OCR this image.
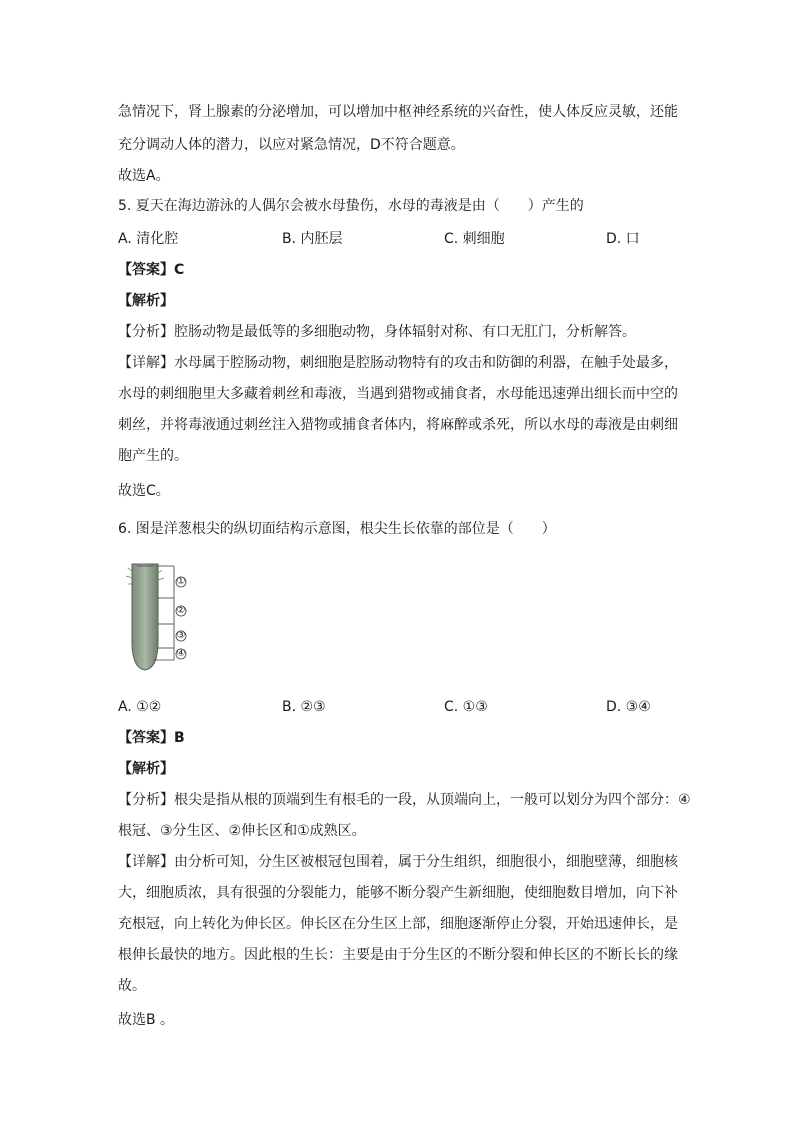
急情况下，肾上腺素的分泌增加，可以增加中枢神经系统的兴奋性，使人体反应灵敏，还能
充分调动人体的潜力，以应对紧急情况，D不符合题意。
故选A。
5. 夏天在海边游泳的人偶尔会被水母蛰伤，水母的毒液是由（　　）产生的
A. 清化腔	B. 内胚层	C. 刺细胞	D. 口
【答案】C
【解析】
【分析】腔肠动物是最低等的多细胞动物，身体辐射对称、有口无肛门，分析解答。
【详解】水母属于腔肠动物，刺细胞是腔肠动物特有的攻击和防御的利器，在触手处最多，
水母的刺细胞里大多藏着刺丝和毒液，当遇到猎物或捕食者，水母能迅速弹出细长而中空的
刺丝，并将毒液通过刺丝注入猎物或捕食者体内，将麻醉或杀死，所以水母的毒液是由刺细
胞产生的。
故选C。
6. 图是洋葱根尖的纵切面结构示意图，根尖生长依靠的部位是（　　）
①
②
③
④
A. ①②	B. ②③	C. ①③	D. ③④
【答案】B
【解析】
【分析】根尖是指从根的顶端到生有根毛的一段，从顶端向上，一般可以划分为四个部分：④
根冠、③分生区、②伸长区和①成熟区。
【详解】由分析可知，分生区被根冠包围着，属于分生组织，细胞很小，细胞壁薄，细胞核
大，细胞质浓，具有很强的分裂能力，能够不断分裂产生新细胞，使细胞数目增加，向下补
充根冠，向上转化为伸长区。伸长区在分生区上部，细胞逐渐停止分裂，开始迅速伸长，是
根伸长最快的地方。因此根的生长：主要是由于分生区的不断分裂和伸长区的不断长长的缘
故。
故选B 。
